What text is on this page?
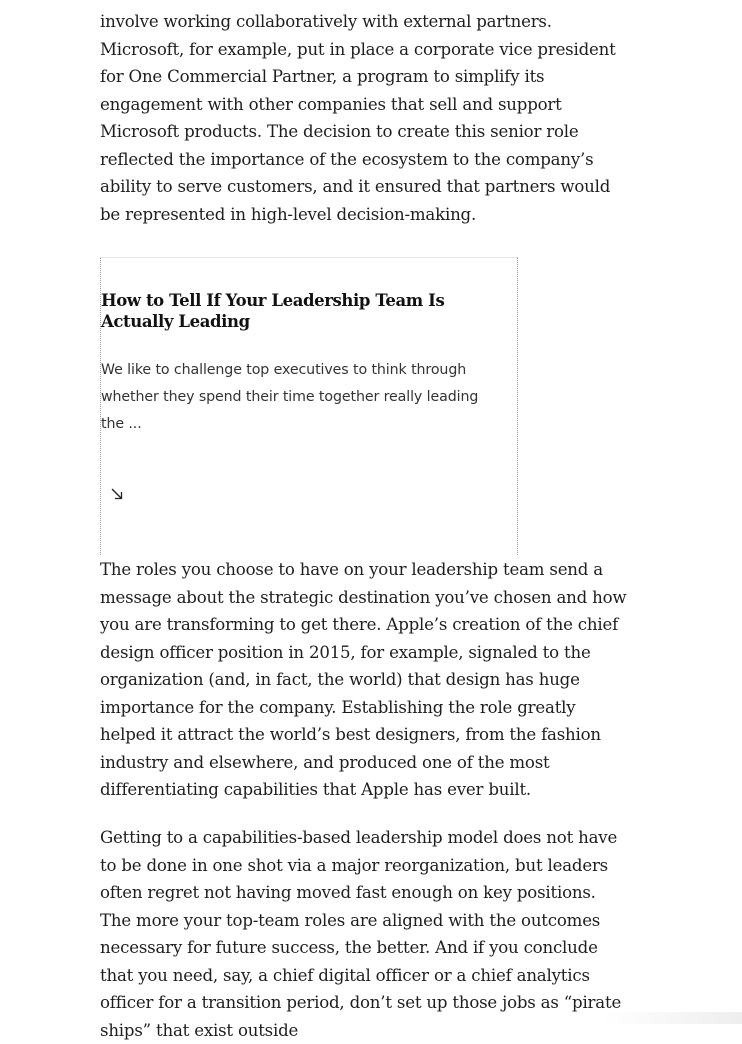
involve working collaboratively with external partners. Microsoft, for example, put in place a corporate vice president for One Commercial Partner, a program to simplify its engagement with other companies that sell and support Microsoft products. The decision to create this senior role reflected the importance of the ecosystem to the company’s ability to serve customers, and it ensured that partners would be represented in high-level decision-making.

How to Tell If Your Leadership Team Is Actually Leading

We like to challenge top executives to think through whether they spend their time together really leading the ...

The roles you choose to have on your leadership team send a message about the strategic destination you’ve chosen and how you are transforming to get there. Apple’s creation of the chief design officer position in 2015, for example, signaled to the organization (and, in fact, the world) that design has huge importance for the company. Establishing the role greatly helped it attract the world’s best designers, from the fashion industry and elsewhere, and produced one of the most differentiating capabilities that Apple has ever built.

Getting to a capabilities-based leadership model does not have to be done in one shot via a major reorganization, but leaders often regret not having moved fast enough on key positions. The more your top-team roles are aligned with the outcomes necessary for future success, the better. And if you conclude that you need, say, a chief digital officer or a chief analytics officer for a transition period, don’t set up those jobs as “pirate ships” that exist outside
